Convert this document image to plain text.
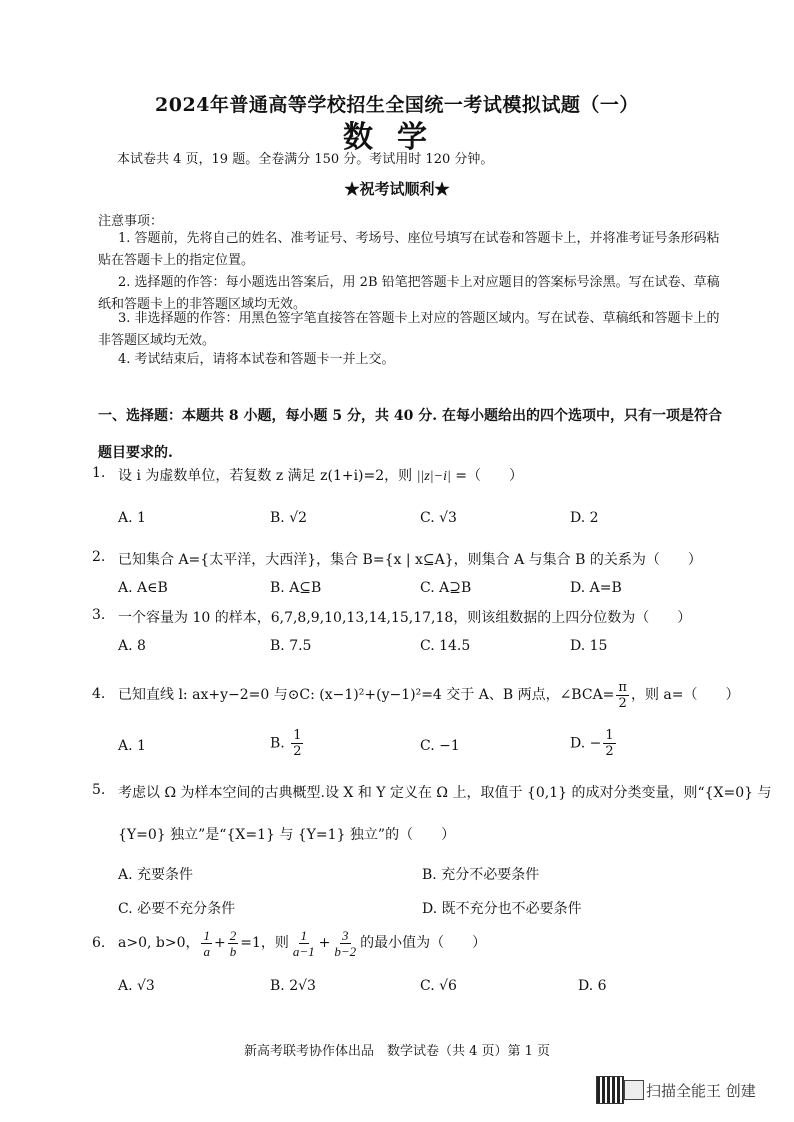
2024年普通高等学校招生全国统一考试模拟试题（一）
数学
本试卷共 4 页，19 题。全卷满分 150 分。考试用时 120 分钟。
★祝考试顺利★
注意事项：
1. 答题前，先将自己的姓名、准考证号、考场号、座位号填写在试卷和答题卡上，并将准考证号条形码粘贴在答题卡上的指定位置。
2. 选择题的作答：每小题选出答案后，用 2B 铅笔把答题卡上对应题目的答案标号涂黑。写在试卷、草稿纸和答题卡上的非答题区域均无效。
3. 非选择题的作答：用黑色签字笔直接答在答题卡上对应的答题区域内。写在试卷、草稿纸和答题卡上的非答题区域均无效。
4. 考试结束后，请将本试卷和答题卡一并上交。
一、选择题：本题共 8 小题，每小题 5 分，共 40 分. 在每小题给出的四个选项中，只有一项是符合题目要求的.
1. 设 i 为虚数单位，若复数 z 满足 z(1+i)=2，则 ||z|−i| =（　　）
A. 1	B. √2	C. √3	D. 2
2. 已知集合 A={太平洋，大西洋}，集合 B={x | x⊆A}，则集合 A 与集合 B 的关系为（　　）
A. A∈B	B. A⊆B	C. A⊇B	D. A=B
3. 一个容量为 10 的样本，6,7,8,9,10,13,14,15,17,18，则该组数据的上四分位数为（　　）
A. 8	B. 7.5	C. 14.5	D. 15
4. 已知直线 l: ax+y−2=0 与⊙C: (x−1)²+(y−1)²=4 交于 A、B 两点，∠BCA= $\frac{\pi}{2}$ ，则 a=（　　）
A. 1	B. $\frac{1}{2}$	C. −1	D. − $\frac{1}{2}$
5. 考虑以 Ω 为样本空间的古典概型.设 X 和 Y 定义在 Ω 上，取值于 {0,1} 的成对分类变量，则“{X=0} 与
{Y=0} 独立”是“{X=1} 与 {Y=1} 独立”的（　　）
A. 充要条件	B. 充分不必要条件
C. 必要不充分条件	D. 既不充分也不必要条件
6. a>0, b>0， $\frac{1}{a} + \frac{2}{b} =1$，则 $\frac{1}{a-1} + \frac{3}{b-2}$ 的最小值为（　　）
A. √3	B. 2√3	C. √6	D. 6
新高考联考协作体出品　数学试卷（共 4 页）第 1 页
扫描全能王 创建
